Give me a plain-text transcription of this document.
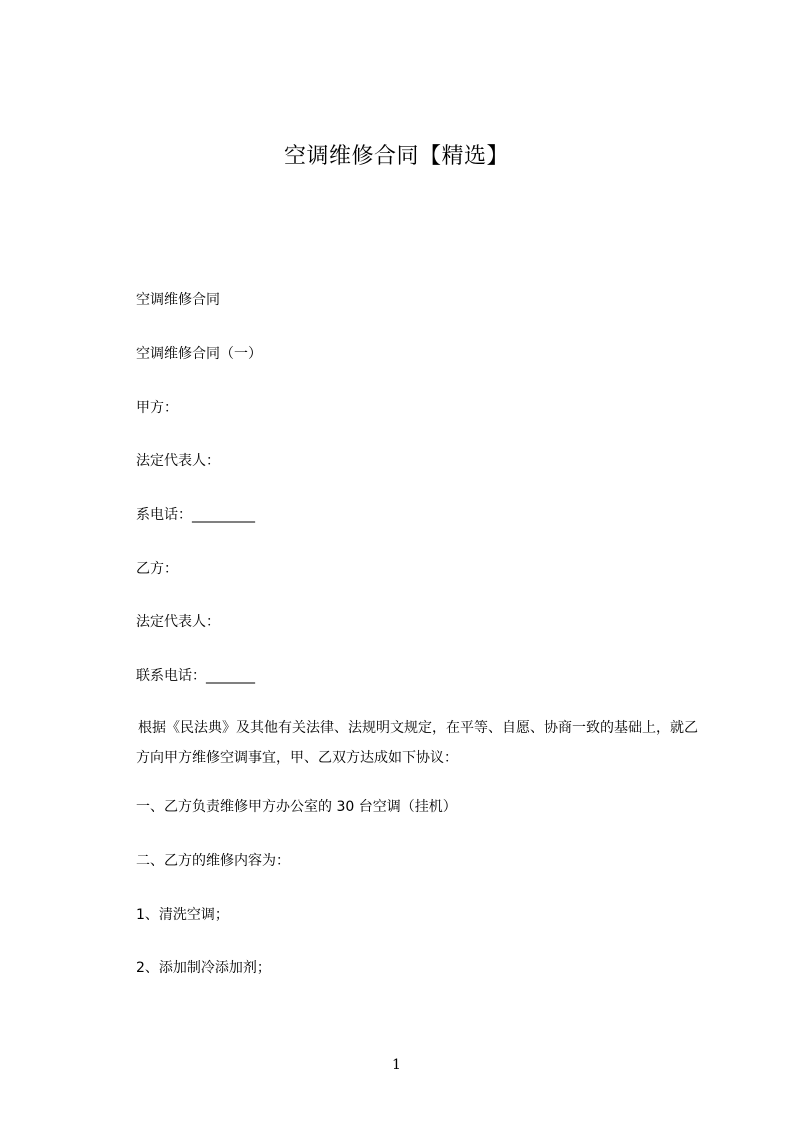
空调维修合同【精选】
空调维修合同
空调维修合同（一）
甲方：
法定代表人：
系电话：_________
乙方：
法定代表人：
联系电话：_______
根据《民法典》及其他有关法律、法规明文规定，在平等、自愿、协商一致的基础上，就乙方向甲方维修空调事宜，甲、乙双方达成如下协议：
一、乙方负责维修甲方办公室的 30 台空调（挂机）
二、乙方的维修内容为：
1、清洗空调；
2、添加制冷添加剂；
1
